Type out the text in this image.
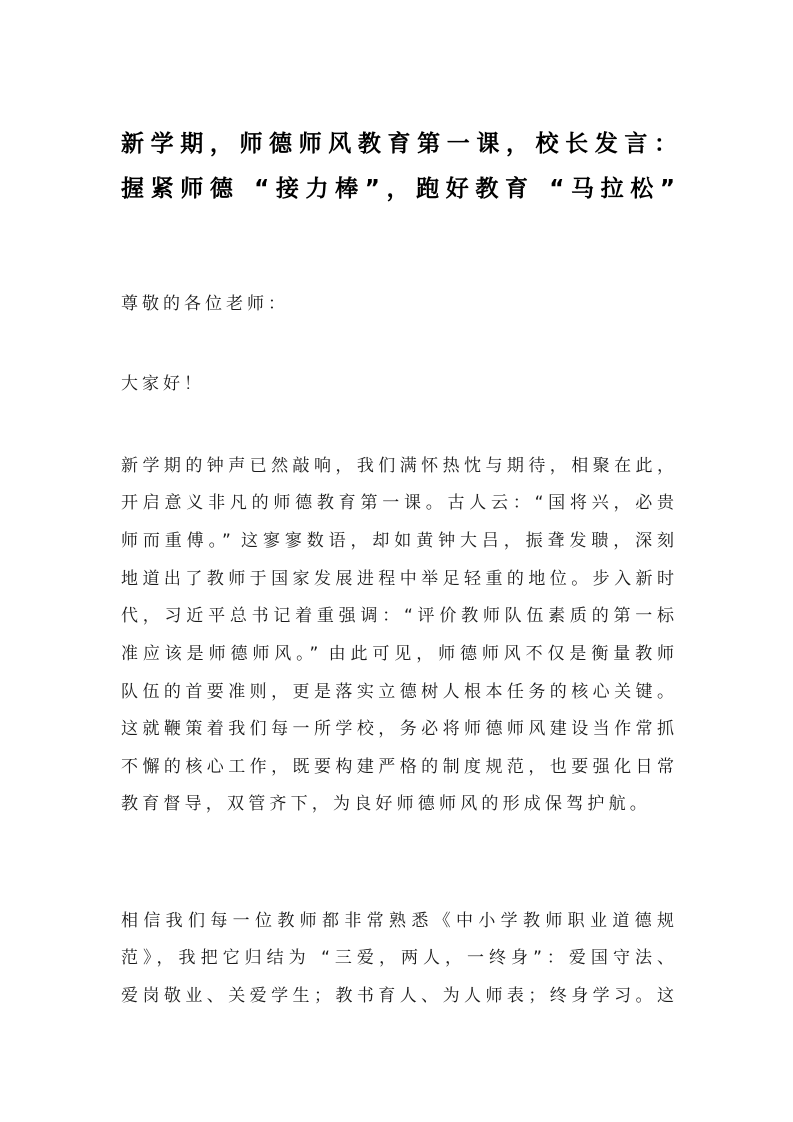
新学期，师德师风教育第一课，校长发言：
握紧师德 “接力棒”，跑好教育 “马拉松”
尊敬的各位老师：
大家好！
新学期的钟声已然敲响，我们满怀热忱与期待，相聚在此，
开启意义非凡的师德教育第一课。古人云：“国将兴，必贵
师而重傅。” 这寥寥数语，却如黄钟大吕，振聋发聩，深刻
地道出了教师于国家发展进程中举足轻重的地位。步入新时
代，习近平总书记着重强调：“评价教师队伍素质的第一标
准应该是师德师风。” 由此可见，师德师风不仅是衡量教师
队伍的首要准则，更是落实立德树人根本任务的核心关键。
这就鞭策着我们每一所学校，务必将师德师风建设当作常抓
不懈的核心工作，既要构建严格的制度规范，也要强化日常
教育督导，双管齐下，为良好师德师风的形成保驾护航。
相信我们每一位教师都非常熟悉《中小学教师职业道德规
范》，我把它归结为 “三爱，两人，一终身”：爱国守法、
爱岗敬业、关爱学生；教书育人、为人师表；终身学习。这
